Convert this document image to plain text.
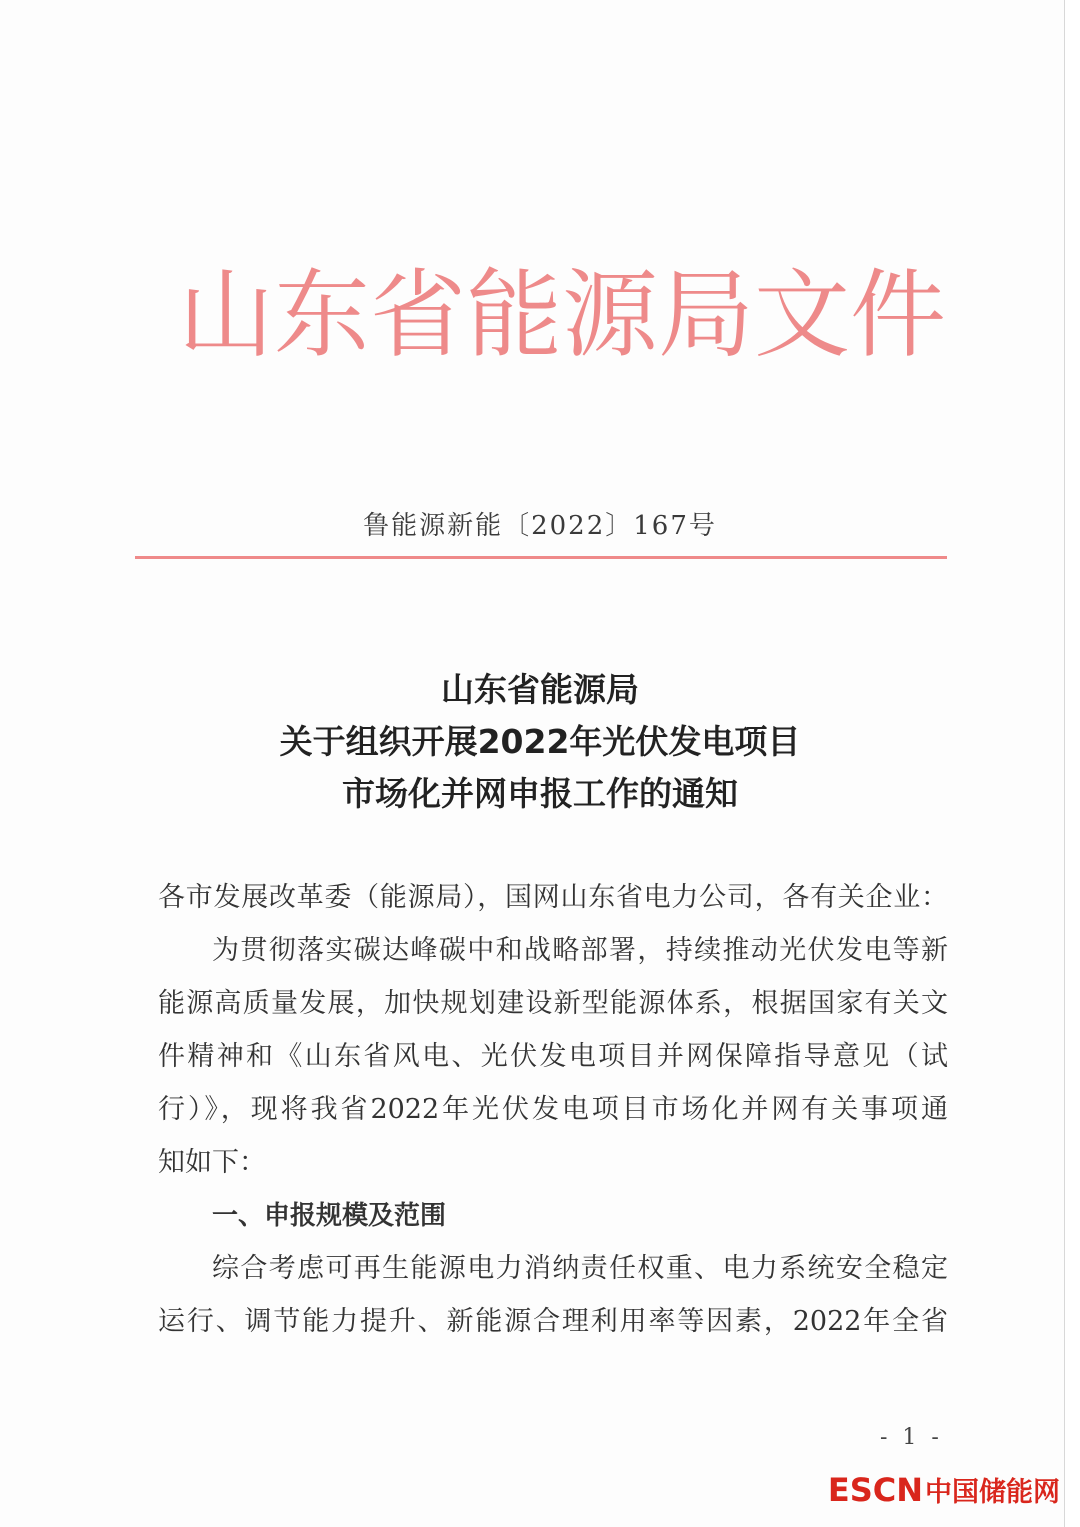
山东省能源局文件
鲁能源新能〔2022〕167号
山东省能源局
关于组织开展2022年光伏发电项目
市场化并网申报工作的通知
各市发展改革委（能源局），国网山东省电力公司，各有关企业：
为贯彻落实碳达峰碳中和战略部署，持续推动光伏发电等新
能源高质量发展，加快规划建设新型能源体系，根据国家有关文
件精神和《山东省风电、光伏发电项目并网保障指导意见（试
行）》，现将我省2022年光伏发电项目市场化并网有关事项通
知如下：
一、申报规模及范围
综合考虑可再生能源电力消纳责任权重、电力系统安全稳定
运行、调节能力提升、新能源合理利用率等因素，2022年全省
- 1 -
ESCN中国储能网
